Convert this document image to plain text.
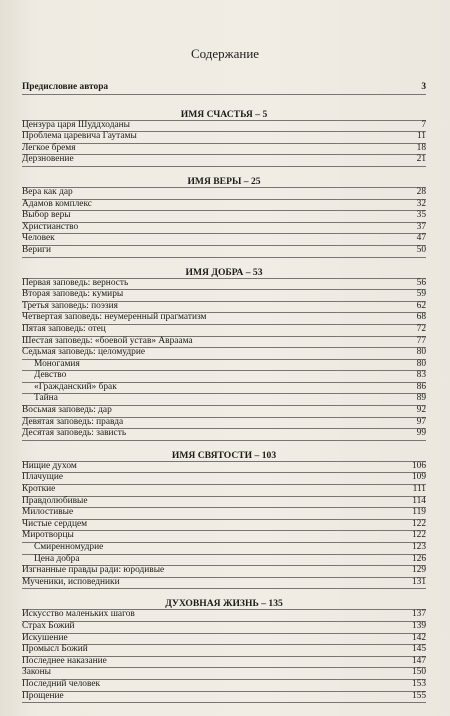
Содержание
Предисловие автора	3
ИМЯ СЧАСТЬЯ – 5
Цензура царя Шуддходаны	7
Проблема царевича Гаутамы	11
Легкое бремя	18
Дерзновение	21
ИМЯ ВЕРЫ – 25
Вера как дар	28
Адамов комплекс	32
Выбор веры	35
Христианство	37
Человек	47
Вериги	50
ИМЯ ДОБРА – 53
Первая заповедь: верность	56
Вторая заповедь: кумиры	59
Третья заповедь: поэзия	62
Четвертая заповедь: неумеренный прагматизм	68
Пятая заповедь: отец	72
Шестая заповедь: «боевой устав» Авраама	77
Седьмая заповедь: целомудрие	80
Моногамия	80
Девство	83
«Гражданский» брак	86
Тайна	89
Восьмая заповедь: дар	92
Девятая заповедь: правда	97
Десятая заповедь: зависть	99
ИМЯ СВЯТОСТИ – 103
Нищие духом	106
Плачущие	109
Кроткие	111
Правдолюбивые	114
Милостивые	119
Чистые сердцем	122
Миротворцы	122
Смиренномудрие	123
Цена добра	126
Изгнанные правды ради: юродивые	129
Мученики, исповедники	131
ДУХОВНАЯ ЖИЗНЬ – 135
Искусство маленьких шагов	137
Страх Божий	139
Искушение	142
Промысл Божий	145
Последнее наказание	147
Законы	150
Последний человек	153
Прощение	155
